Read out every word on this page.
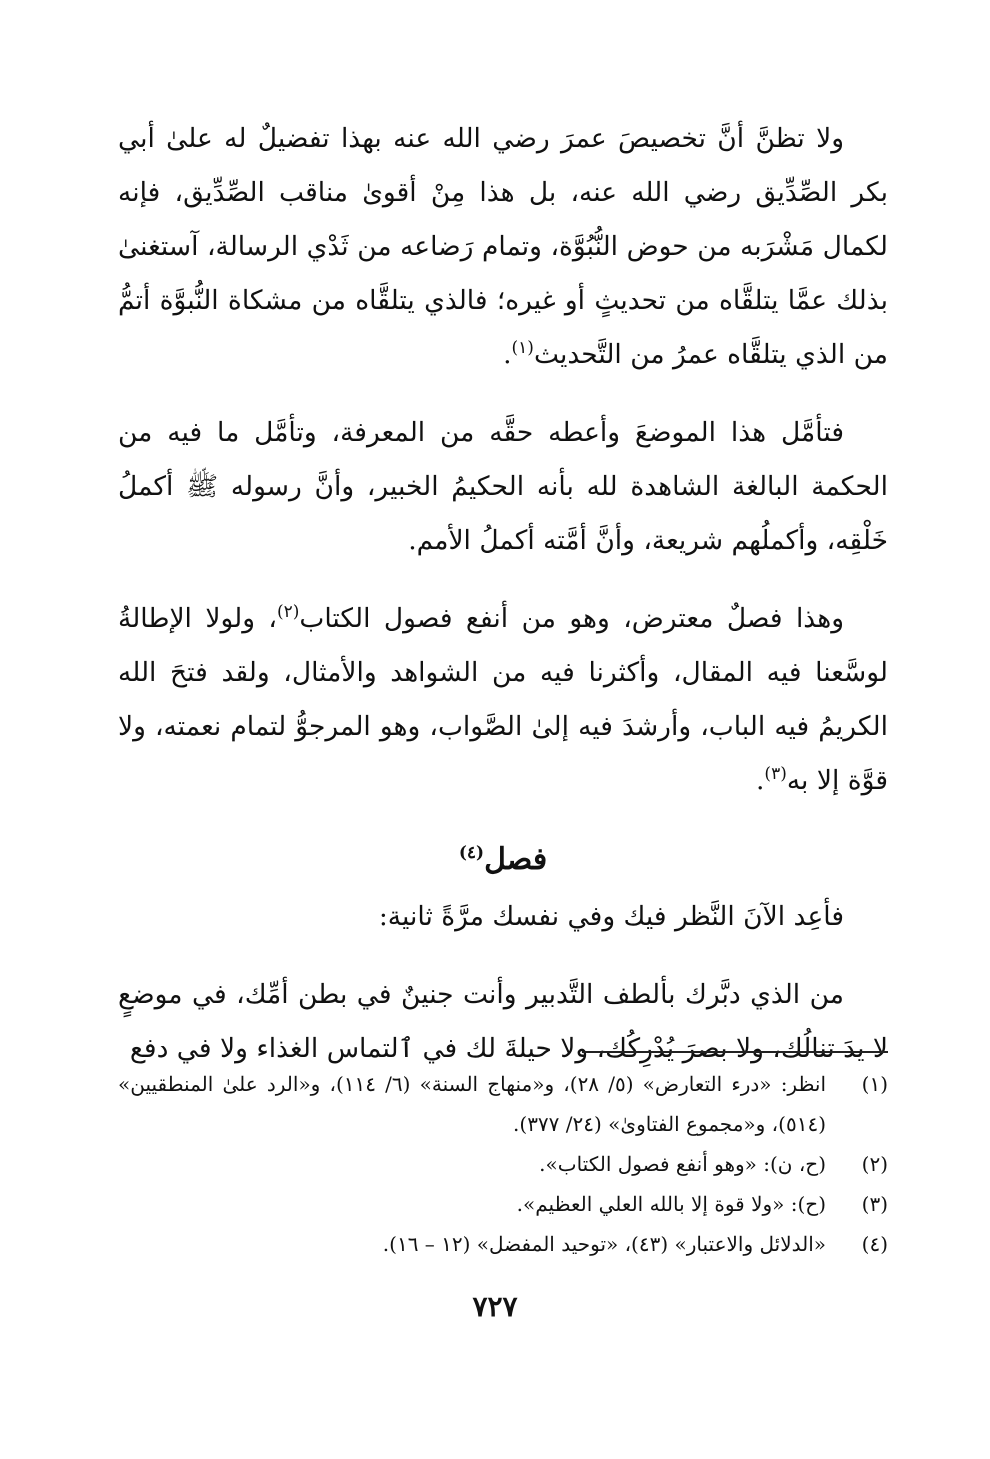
ولا تظنَّ أنَّ تخصيصَ عمرَ رضي الله عنه بهذا تفضيلٌ له علىٰ أبي بكر الصِّدِّيق رضي الله عنه، بل هذا مِنْ أقوىٰ مناقب الصِّدِّيق، فإنه لكمال مَشْرَبه من حوض النُّبُوَّة، وتمام رَضاعه من ثَدْي الرسالة، آستغنىٰ بذلك عمَّا يتلقَّاه من تحديثٍ أو غيره؛ فالذي يتلقَّاه من مشكاة النُّبوَّة أتمُّ من الذي يتلقَّاه عمرُ من التَّحديث$^{(١)}$.

فتأمَّل هذا الموضعَ وأعطه حقَّه من المعرفة، وتأمَّل ما فيه من الحكمة البالغة الشاهدة لله بأنه الحكيمُ الخبير، وأنَّ رسوله ﷺ أكملُ خَلْقِه، وأكملُهم شريعة، وأنَّ أمَّته أكملُ الأمم.

وهذا فصلٌ معترض، وهو من أنفع فصول الكتاب$^{(٢)}$، ولولا الإطالةُ لوسَّعنا فيه المقال، وأكثرنا فيه من الشواهد والأمثال، ولقد فتحَ الله الكريمُ فيه الباب، وأرشدَ فيه إلىٰ الصَّواب، وهو المرجوُّ لتمام نعمته، ولا قوَّة إلا به$^{(٣)}$.

فصل$^{(٤)}$

فأعِد الآنَ النَّظر فيك وفي نفسك مرَّةً ثانية:

من الذي دبَّرك بألطف التَّدبير وأنت جنينٌ في بطن أمِّك، في موضعٍ لا يدَ تنالُك، ولا بصرَ يُدْرِكُك، ولا حيلةَ لك في ٱلتماس الغذاء ولا في دفع

(١)
انظر: «درء التعارض» (٥/ ٢٨)، و«منهاج السنة» (٦/ ١١٤)، و«الرد علىٰ المنطقيين» (٥١٤)، و«مجموع الفتاوىٰ» (٢٤/ ٣٧٧).
(٢)
(ح، ن): «وهو أنفع فصول الكتاب».
(٣)
(ح): «ولا قوة إلا بالله العلي العظيم».
(٤)
«الدلائل والاعتبار» (٤٣)، «توحيد المفضل» (١٢ – ١٦).
٧٢٧
